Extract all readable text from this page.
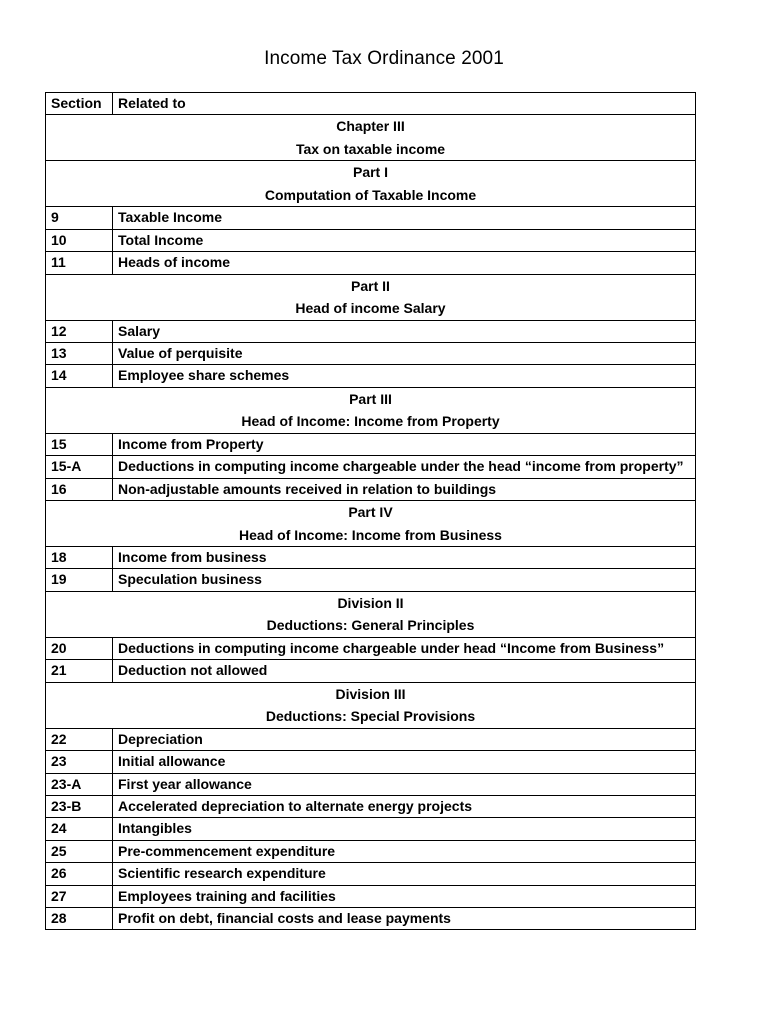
Income Tax Ordinance 2001
Section	Related to

Chapter III
Tax on taxable income	

Part I
Computation of Taxable Income	

9	Taxable Income
10	Total Income
11	Heads of income

Part II
Head of income Salary	

12	Salary
13	Value of perquisite
14	Employee share schemes

Part III
Head of Income: Income from Property	

15	Income from Property
15-A	Deductions in computing income chargeable under the head “income from property”
16	Non-adjustable amounts received in relation to buildings

Part IV
Head of Income: Income from Business	

18	Income from business
19	Speculation business

Division II
Deductions: General Principles	

20	Deductions in computing income chargeable under head “Income from Business”
21	Deduction not allowed

Division III
Deductions: Special Provisions	

22	Depreciation
23	Initial allowance
23-A	First year allowance
23-B	Accelerated depreciation to alternate energy projects
24	Intangibles
25	Pre-commencement expenditure
26	Scientific research expenditure
27	Employees training and facilities
28	Profit on debt, financial costs and lease payments
